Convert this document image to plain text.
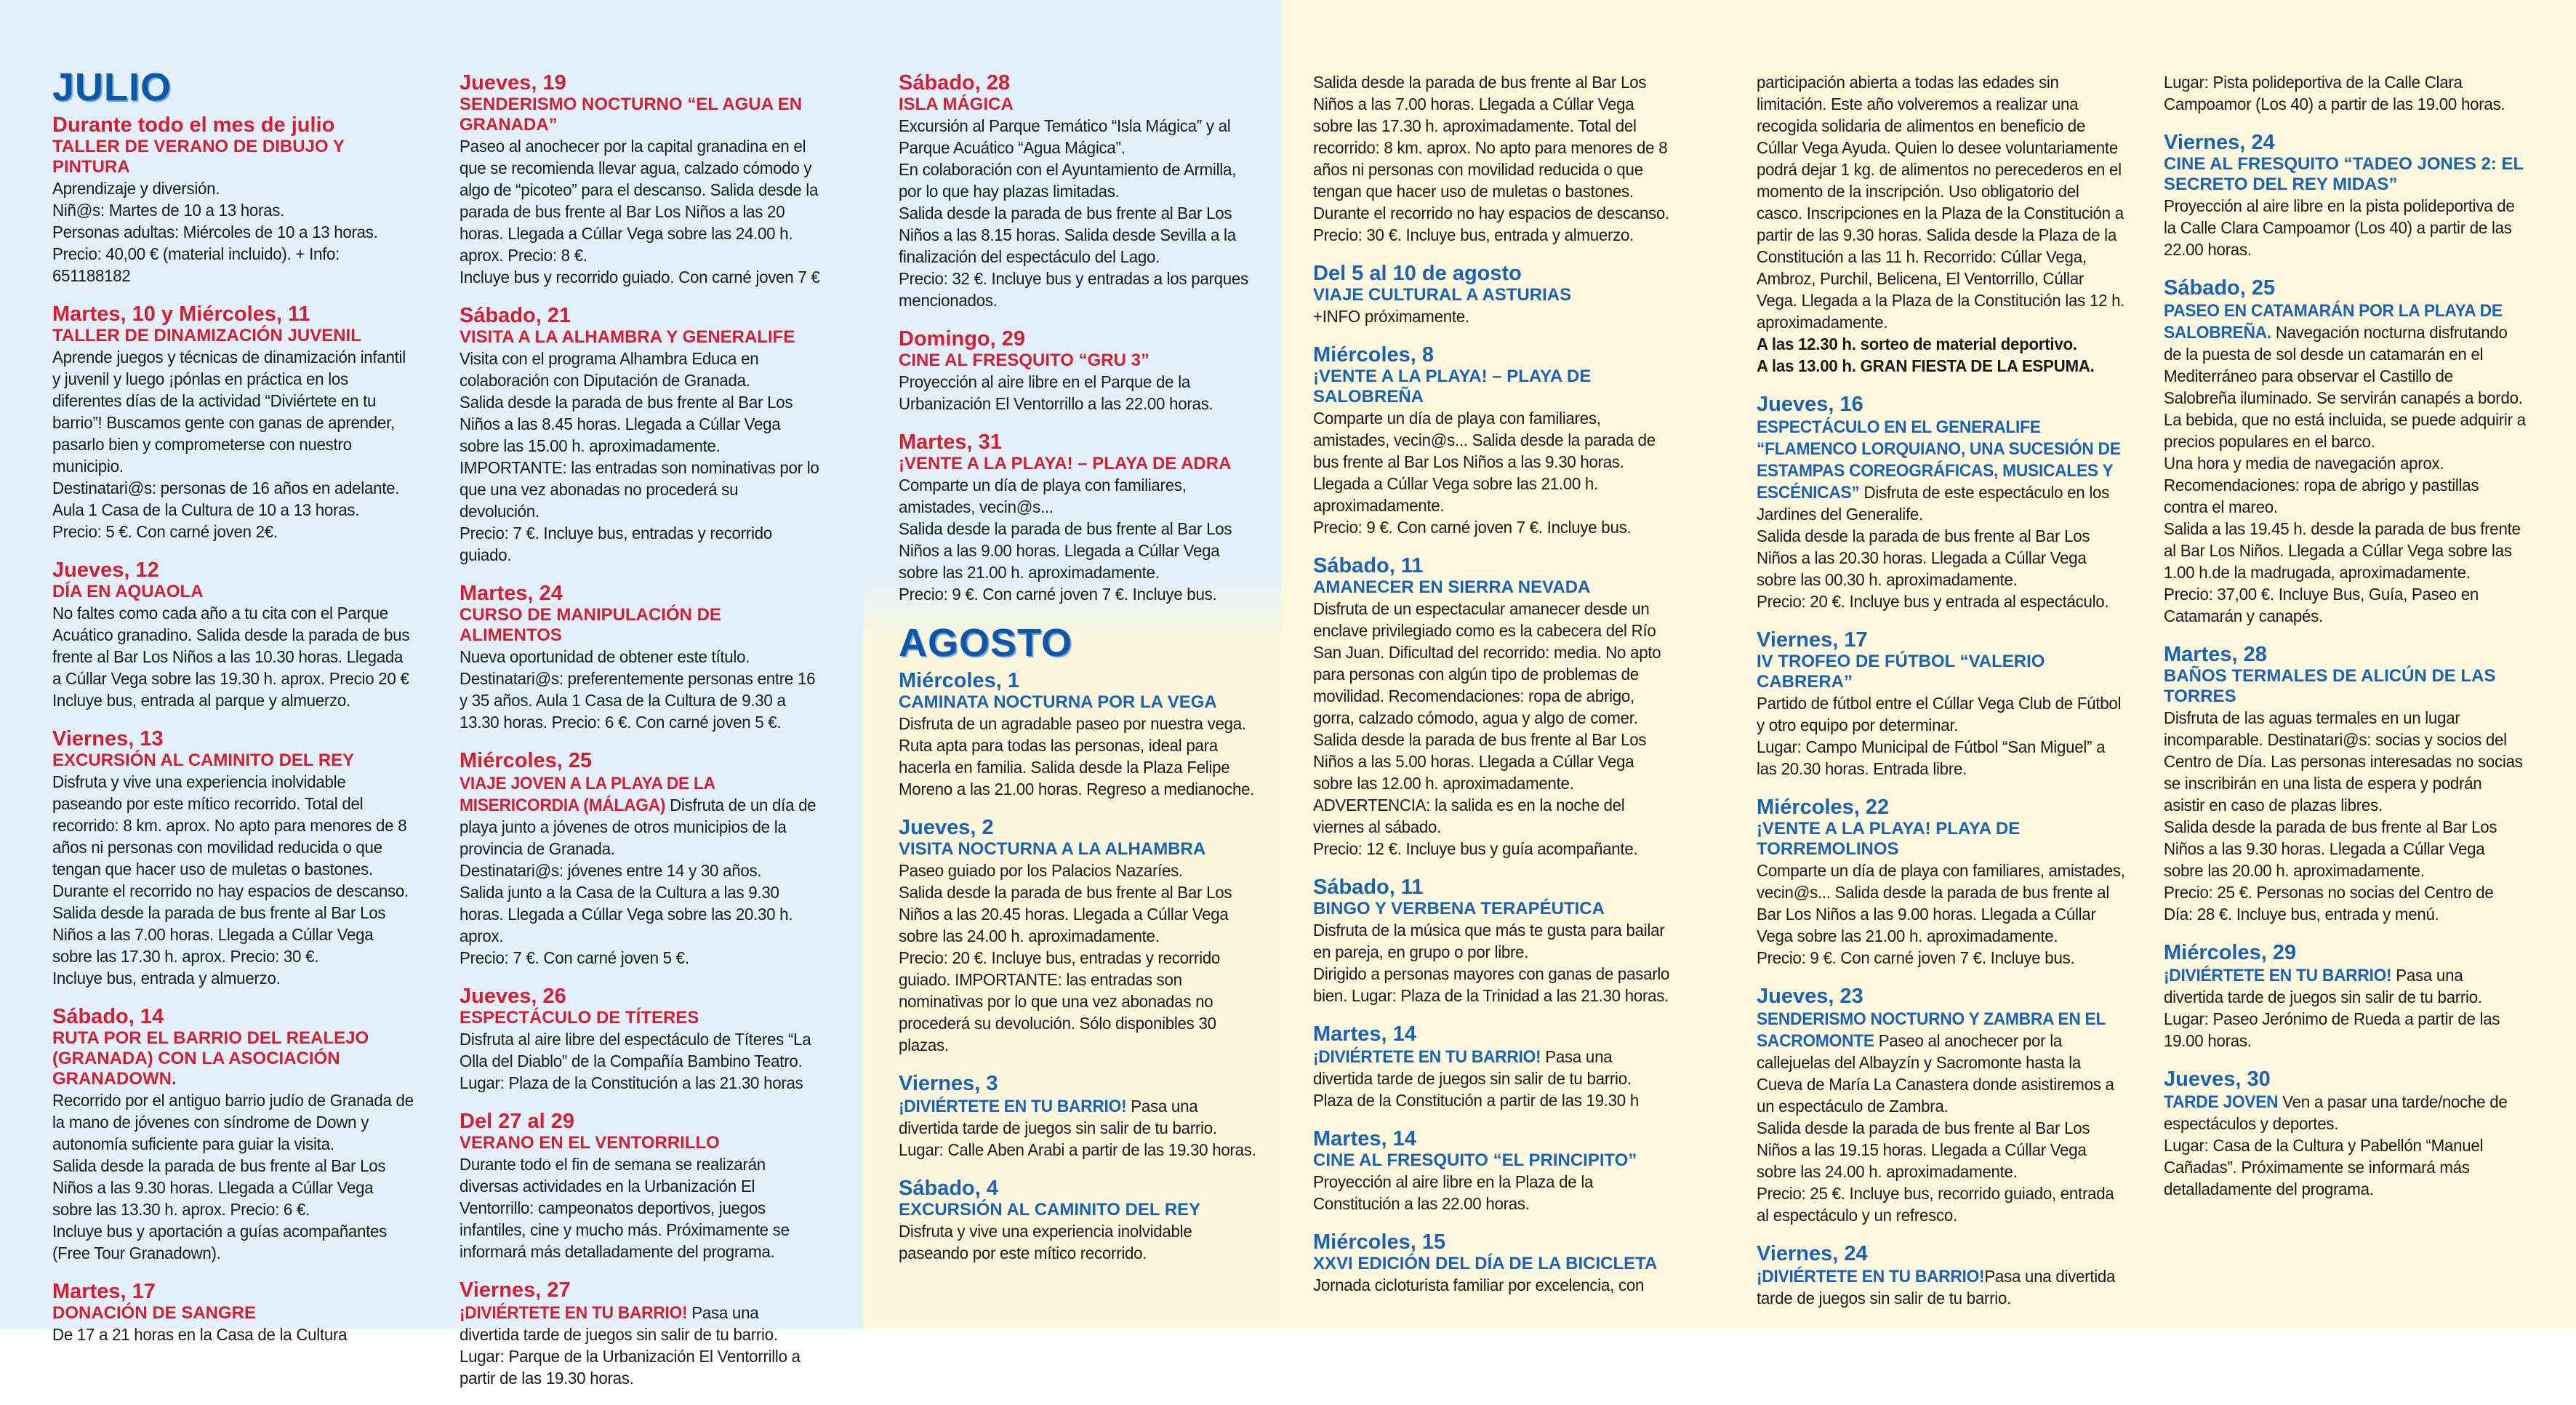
JULIO

Durante todo el mes de julio

TALLER DE VERANO DE DIBUJO Y PINTURA

Aprendizaje y diversión.
Niñ@s: Martes de 10 a 13 horas.
Personas adultas: Miércoles de 10 a 13 horas.
Precio: 40,00 € (material incluido). + Info: 651188182

Martes, 10 y Miércoles, 11

TALLER DE DINAMIZACIÓN JUVENIL

Aprende juegos y técnicas de dinamización infantil y juvenil y luego ¡pónlas en práctica en los diferentes días de la actividad “Diviértete en tu barrio”! Buscamos gente con ganas de aprender, pasarlo bien y comprometerse con nuestro municipio.
Destinatari@s: personas de 16 años en adelante.
Aula 1 Casa de la Cultura de 10 a 13 horas.
Precio: 5 €. Con carné joven 2€.

Jueves, 12

DÍA EN AQUAOLA

No faltes como cada año a tu cita con el Parque Acuático granadino. Salida desde la parada de bus frente al Bar Los Niños a las 10.30 horas. Llegada a Cúllar Vega sobre las 19.30 h. aprox. Precio 20 € Incluye bus, entrada al parque y almuerzo.

Viernes, 13

EXCURSIÓN AL CAMINITO DEL REY

Disfruta y vive una experiencia inolvidable paseando por este mítico recorrido. Total del recorrido: 8 km. aprox. No apto para menores de 8 años ni personas con movilidad reducida o que tengan que hacer uso de muletas o bastones. Durante el recorrido no hay espacios de descanso.
Salida desde la parada de bus frente al Bar Los Niños a las 7.00 horas. Llegada a Cúllar Vega sobre las 17.30 h. aprox. Precio: 30 €.
Incluye bus, entrada y almuerzo.

Sábado, 14

RUTA POR EL BARRIO DEL REALEJO (GRANADA) CON LA ASOCIACIÓN GRANADOWN.

Recorrido por el antiguo barrio judío de Granada de la mano de jóvenes con síndrome de Down y autonomía suficiente para guiar la visita.
Salida desde la parada de bus frente al Bar Los Niños a las 9.30 horas. Llegada a Cúllar Vega sobre las 13.30 h. aprox. Precio: 6 €.
Incluye bus y aportación a guías acompañantes (Free Tour Granadown).

Martes, 17

DONACIÓN DE SANGRE

De 17 a 21 horas en la Casa de la Cultura

Jueves, 19

SENDERISMO NOCTURNO “EL AGUA EN GRANADA”

Paseo al anochecer por la capital granadina en el que se recomienda llevar agua, calzado cómodo y algo de “picoteo” para el descanso. Salida desde la parada de bus frente al Bar Los Niños a las 20 horas. Llegada a Cúllar Vega sobre las 24.00 h. aprox. Precio: 8 €.
Incluye bus y recorrido guiado. Con carné joven 7 €

Sábado, 21

VISITA A LA ALHAMBRA Y GENERALIFE

Visita con el programa Alhambra Educa en colaboración con Diputación de Granada.
Salida desde la parada de bus frente al Bar Los Niños a las 8.45 horas. Llegada a Cúllar Vega sobre las 15.00 h. aproximadamente. IMPORTANTE: las entradas son nominativas por lo que una vez abonadas no procederá su devolución.
Precio: 7 €. Incluye bus, entradas y recorrido guiado.

Martes, 24

CURSO DE MANIPULACIÓN DE ALIMENTOS

Nueva oportunidad de obtener este título.
Destinatari@s: preferentemente personas entre 16 y 35 años. Aula 1 Casa de la Cultura de 9.30 a 13.30 horas. Precio: 6 €. Con carné joven 5 €.

Miércoles, 25

VIAJE JOVEN A LA PLAYA DE LA MISERICORDIA (MÁLAGA) Disfruta de un día de playa junto a jóvenes de otros municipios de la provincia de Granada.
Destinatari@s: jóvenes entre 14 y 30 años.
Salida junto a la Casa de la Cultura a las 9.30 horas. Llegada a Cúllar Vega sobre las 20.30 h. aprox.
Precio: 7 €. Con carné joven 5 €.

Jueves, 26

ESPECTÁCULO DE TÍTERES

Disfruta al aire libre del espectáculo de Títeres “La Olla del Diablo” de la Compañía Bambino Teatro.
Lugar: Plaza de la Constitución a las 21.30 horas

Del 27 al 29

VERANO EN EL VENTORRILLO

Durante todo el fin de semana se realizarán diversas actividades en la Urbanización El Ventorrillo: campeonatos deportivos, juegos infantiles, cine y mucho más. Próximamente se informará más detalladamente del programa.

Viernes, 27

¡DIVIÉRTETE EN TU BARRIO! Pasa una divertida tarde de juegos sin salir de tu barrio.
Lugar: Parque de la Urbanización El Ventorrillo a partir de las 19.30 horas.

Sábado, 28

ISLA MÁGICA

Excursión al Parque Temático “Isla Mágica” y al Parque Acuático “Agua Mágica”.
En colaboración con el Ayuntamiento de Armilla, por lo que hay plazas limitadas.
Salida desde la parada de bus frente al Bar Los Niños a las 8.15 horas. Salida desde Sevilla a la finalización del espectáculo del Lago.
Precio: 32 €. Incluye bus y entradas a los parques mencionados.

Domingo, 29

CINE AL FRESQUITO “GRU 3”

Proyección al aire libre en el Parque de la Urbanización El Ventorrillo a las 22.00 horas.

Martes, 31

¡VENTE A LA PLAYA! – PLAYA DE ADRA

Comparte un día de playa con familiares, amistades, vecin@s...
Salida desde la parada de bus frente al Bar Los Niños a las 9.00 horas. Llegada a Cúllar Vega sobre las 21.00 h. aproximadamente.
Precio: 9 €. Con carné joven 7 €. Incluye bus.

AGOSTO

Miércoles, 1

CAMINATA NOCTURNA POR LA VEGA

Disfruta de un agradable paseo por nuestra vega. Ruta apta para todas las personas, ideal para hacerla en familia. Salida desde la Plaza Felipe Moreno a las 21.00 horas. Regreso a medianoche.

Jueves, 2

VISITA NOCTURNA A LA ALHAMBRA

Paseo guiado por los Palacios Nazaríes.
Salida desde la parada de bus frente al Bar Los Niños a las 20.45 horas. Llegada a Cúllar Vega sobre las 24.00 h. aproximadamente.
Precio: 20 €. Incluye bus, entradas y recorrido guiado. IMPORTANTE: las entradas son nominativas por lo que una vez abonadas no procederá su devolución. Sólo disponibles 30 plazas.

Viernes, 3

¡DIVIÉRTETE EN TU BARRIO! Pasa una divertida tarde de juegos sin salir de tu barrio.
Lugar: Calle Aben Arabi a partir de las 19.30 horas.

Sábado, 4

EXCURSIÓN AL CAMINITO DEL REY

Disfruta y vive una experiencia inolvidable paseando por este mítico recorrido.

Salida desde la parada de bus frente al Bar Los Niños a las 7.00 horas. Llegada a Cúllar Vega sobre las 17.30 h. aproximadamente. Total del recorrido: 8 km. aprox. No apto para menores de 8 años ni personas con movilidad reducida o que tengan que hacer uso de muletas o bastones. Durante el recorrido no hay espacios de descanso. Precio: 30 €. Incluye bus, entrada y almuerzo.

Del 5 al 10 de agosto

VIAJE CULTURAL A ASTURIAS

+INFO próximamente.

Miércoles, 8

¡VENTE A LA PLAYA! – PLAYA DE SALOBREÑA

Comparte un día de playa con familiares, amistades, vecin@s... Salida desde la parada de bus frente al Bar Los Niños a las 9.30 horas. Llegada a Cúllar Vega sobre las 21.00 h. aproximadamente.
Precio: 9 €. Con carné joven 7 €. Incluye bus.

Sábado, 11

AMANECER EN SIERRA NEVADA

Disfruta de un espectacular amanecer desde un enclave privilegiado como es la cabecera del Río San Juan. Dificultad del recorrido: media. No apto para personas con algún tipo de problemas de movilidad. Recomendaciones: ropa de abrigo, gorra, calzado cómodo, agua y algo de comer.
Salida desde la parada de bus frente al Bar Los Niños a las 5.00 horas. Llegada a Cúllar Vega sobre las 12.00 h. aproximadamente. ADVERTENCIA: la salida es en la noche del viernes al sábado.
Precio: 12 €. Incluye bus y guía acompañante.

Sábado, 11

BINGO Y VERBENA TERAPÉUTICA

Disfruta de la música que más te gusta para bailar en pareja, en grupo o por libre.
Dirigido a personas mayores con ganas de pasarlo bien. Lugar: Plaza de la Trinidad a las 21.30 horas.

Martes, 14

¡DIVIÉRTETE EN TU BARRIO! Pasa una divertida tarde de juegos sin salir de tu barrio.
Plaza de la Constitución a partir de las 19.30 h

Martes, 14

CINE AL FRESQUITO “EL PRINCIPITO”

Proyección al aire libre en la Plaza de la Constitución a las 22.00 horas.

Miércoles, 15

XXVI EDICIÓN DEL DÍA DE LA BICICLETA

Jornada cicloturista familiar por excelencia, con

participación abierta a todas las edades sin limitación. Este año volveremos a realizar una recogida solidaria de alimentos en beneficio de Cúllar Vega Ayuda. Quien lo desee voluntariamente podrá dejar 1 kg. de alimentos no perecederos en el momento de la inscripción. Uso obligatorio del casco. Inscripciones en la Plaza de la Constitución a partir de las 9.30 horas. Salida desde la Plaza de la Constitución a las 11 h. Recorrido: Cúllar Vega, Ambroz, Purchil, Belicena, El Ventorrillo, Cúllar Vega. Llegada a la Plaza de la Constitución las 12 h. aproximadamente.

A las 12.30 h. sorteo de material deportivo.

A las 13.00 h. GRAN FIESTA DE LA ESPUMA.

Jueves, 16

ESPECTÁCULO EN EL GENERALIFE “FLAMENCO LORQUIANO, UNA SUCESIÓN DE ESTAMPAS COREOGRÁFICAS, MUSICALES Y ESCÉNICAS” Disfruta de este espectáculo en los Jardines del Generalife.
Salida desde la parada de bus frente al Bar Los Niños a las 20.30 horas. Llegada a Cúllar Vega sobre las 00.30 h. aproximadamente.
Precio: 20 €. Incluye bus y entrada al espectáculo.

Viernes, 17

IV TROFEO DE FÚTBOL “VALERIO CABRERA”

Partido de fútbol entre el Cúllar Vega Club de Fútbol y otro equipo por determinar.
Lugar: Campo Municipal de Fútbol “San Miguel” a las 20.30 horas. Entrada libre.

Miércoles, 22

¡VENTE A LA PLAYA! PLAYA DE TORREMOLINOS

Comparte un día de playa con familiares, amistades, vecin@s... Salida desde la parada de bus frente al Bar Los Niños a las 9.00 horas. Llegada a Cúllar Vega sobre las 21.00 h. aproximadamente.
Precio: 9 €. Con carné joven 7 €. Incluye bus.

Jueves, 23

SENDERISMO NOCTURNO Y ZAMBRA EN EL SACROMONTE Paseo al anochecer por la callejuelas del Albayzín y Sacromonte hasta la Cueva de María La Canastera donde asistiremos a un espectáculo de Zambra.
Salida desde la parada de bus frente al Bar Los Niños a las 19.15 horas. Llegada a Cúllar Vega sobre las 24.00 h. aproximadamente.
Precio: 25 €. Incluye bus, recorrido guiado, entrada al espectáculo y un refresco.

Viernes, 24

¡DIVIÉRTETE EN TU BARRIO!Pasa una divertida tarde de juegos sin salir de tu barrio.

Lugar: Pista polideportiva de la Calle Clara Campoamor (Los 40) a partir de las 19.00 horas.

Viernes, 24

CINE AL FRESQUITO “TADEO JONES 2: EL SECRETO DEL REY MIDAS”

Proyección al aire libre en la pista polideportiva de la Calle Clara Campoamor (Los 40) a partir de las 22.00 horas.

Sábado, 25

PASEO EN CATAMARÁN POR LA PLAYA DE SALOBREÑA. Navegación nocturna disfrutando de la puesta de sol desde un catamarán en el Mediterráneo para observar el Castillo de Salobreña iluminado. Se servirán canapés a bordo. La bebida, que no está incluida, se puede adquirir a precios populares en el barco.
Una hora y media de navegación aprox.
Recomendaciones: ropa de abrigo y pastillas contra el mareo.
Salida a las 19.45 h. desde la parada de bus frente al Bar Los Niños. Llegada a Cúllar Vega sobre las 1.00 h.de la madrugada, aproximadamente.
Precio: 37,00 €. Incluye Bus, Guía, Paseo en Catamarán y canapés.

Martes, 28

BAÑOS TERMALES DE ALICÚN DE LAS TORRES

Disfruta de las aguas termales en un lugar incomparable. Destinatari@s: socias y socios del Centro de Día. Las personas interesadas no socias se inscribirán en una lista de espera y podrán asistir en caso de plazas libres.
Salida desde la parada de bus frente al Bar Los Niños a las 9.30 horas. Llegada a Cúllar Vega sobre las 20.00 h. aproximadamente.
Precio: 25 €. Personas no socias del Centro de Día: 28 €. Incluye bus, entrada y menú.

Miércoles, 29

¡DIVIÉRTETE EN TU BARRIO! Pasa una divertida tarde de juegos sin salir de tu barrio.
Lugar: Paseo Jerónimo de Rueda a partir de las 19.00 horas.

Jueves, 30

TARDE JOVEN Ven a pasar una tarde/noche de espectáculos y deportes.
Lugar: Casa de la Cultura y Pabellón “Manuel Cañadas”. Próximamente se informará más detalladamente del programa.
